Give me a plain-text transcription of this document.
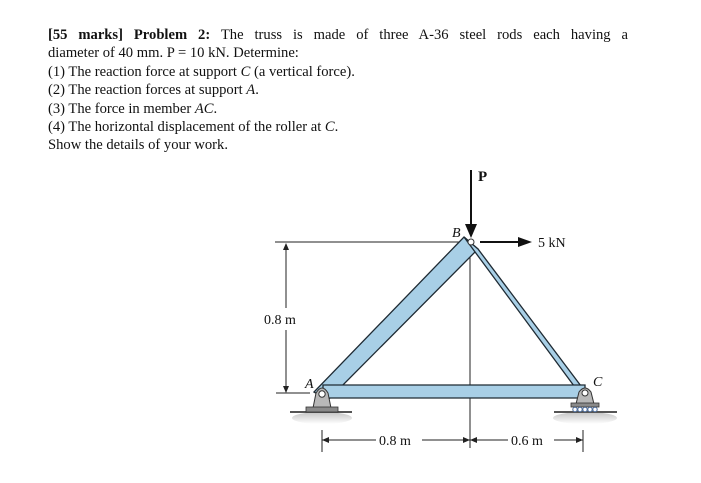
[55 marks] Problem 2: The truss is made of three A-36 steel rods each having a
diameter of 40 mm. P = 10 kN. Determine:
(1) The reaction force at support C (a vertical force).
(2) The reaction forces at support A.
(3) The force in member AC.
(4) The horizontal displacement of the roller at C.
Show the details of your work.
P
B
5 kN
0.8 m
A	C
0.8 m	0.6 m
